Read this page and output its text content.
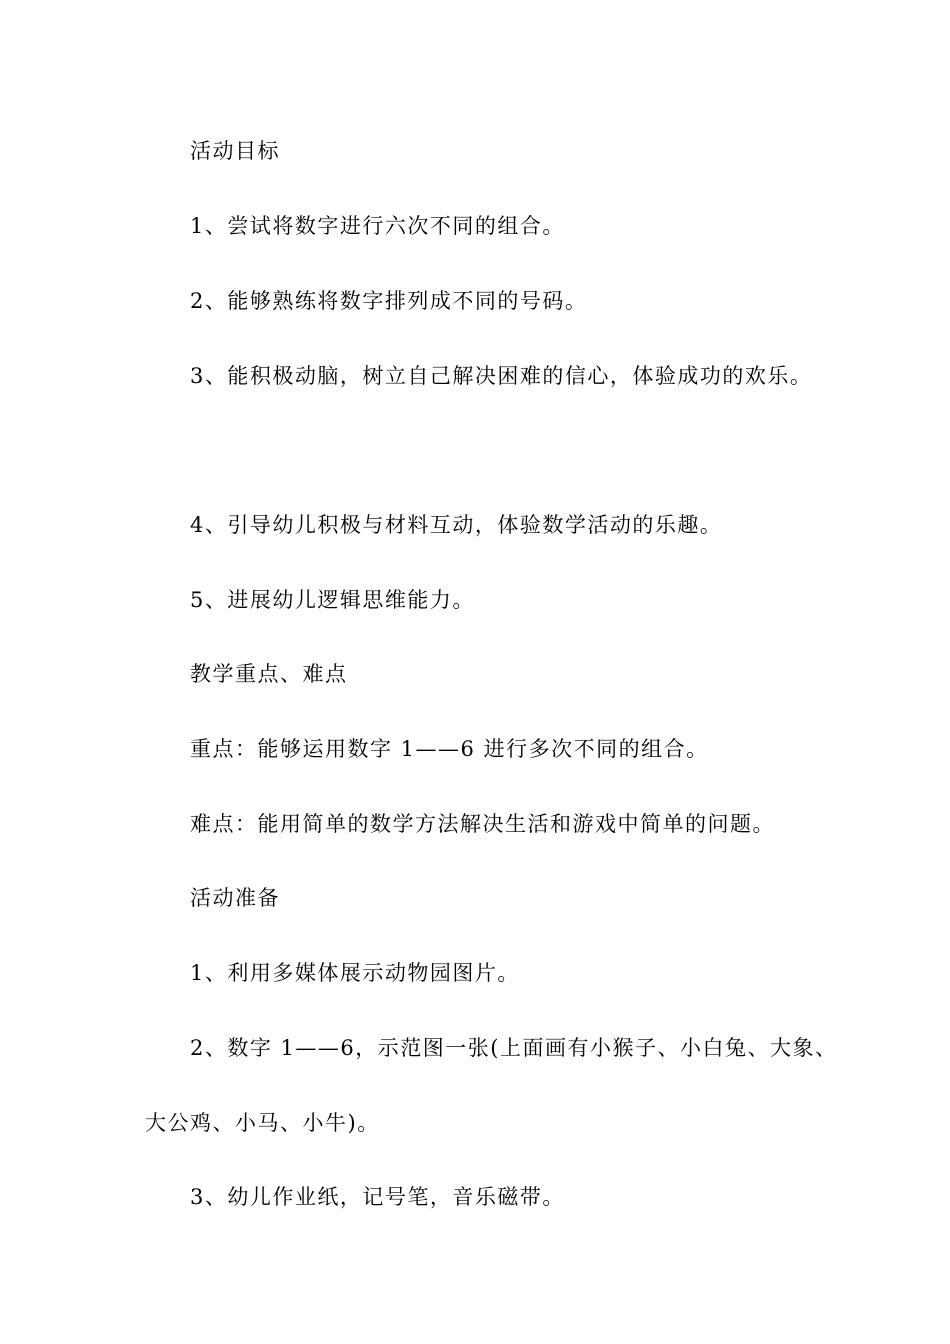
活动目标
1、尝试将数字进行六次不同的组合。
2、能够熟练将数字排列成不同的号码。
3、能积极动脑，树立自己解决困难的信心，体验成功的欢乐。
4、引导幼儿积极与材料互动，体验数学活动的乐趣。
5、进展幼儿逻辑思维能力。
教学重点、难点
重点：能够运用数字 1——6 进行多次不同的组合。
难点：能用简单的数学方法解决生活和游戏中简单的问题。
活动准备
1、利用多媒体展示动物园图片。
2、数字 1——6，示范图一张(上面画有小猴子、小白兔、大象、
大公鸡、小马、小牛)。
3、幼儿作业纸，记号笔，音乐磁带。
